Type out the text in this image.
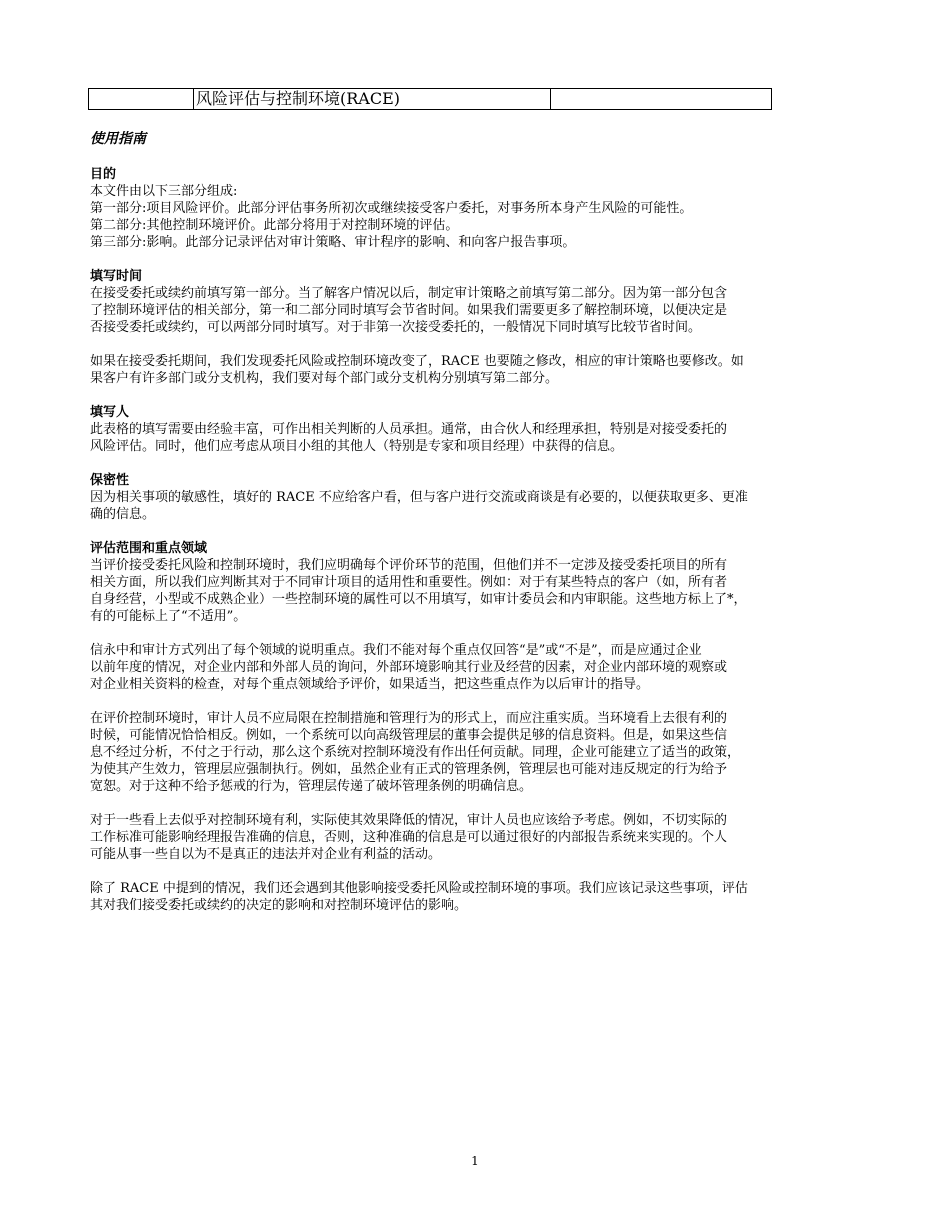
	风险评估与控制环境(RACE)	
使用指南
目的

本文件由以下三部分组成:

第一部分:项目风险评价。此部分评估事务所初次或继续接受客户委托，对事务所本身产生风险的可能性。

第二部分:其他控制环境评价。此部分将用于对控制环境的评估。

第三部分:影响。此部分记录评估对审计策略、审计程序的影响、和向客户报告事项。

填写时间

在接受委托或续约前填写第一部分。当了解客户情况以后，制定审计策略之前填写第二部分。因为第一部分包含

了控制环境评估的相关部分，第一和二部分同时填写会节省时间。如果我们需要更多了解控制环境，以便决定是

否接受委托或续约，可以两部分同时填写。对于非第一次接受委托的，一般情况下同时填写比较节省时间。

如果在接受委托期间，我们发现委托风险或控制环境改变了，RACE 也要随之修改，相应的审计策略也要修改。如

果客户有许多部门或分支机构，我们要对每个部门或分支机构分别填写第二部分。

填写人

此表格的填写需要由经验丰富，可作出相关判断的人员承担。通常，由合伙人和经理承担，特别是对接受委托的

风险评估。同时，他们应考虑从项目小组的其他人（特别是专家和项目经理）中获得的信息。

保密性

因为相关事项的敏感性，填好的 RACE 不应给客户看，但与客户进行交流或商谈是有必要的，以便获取更多、更准

确的信息。

评估范围和重点领域

当评价接受委托风险和控制环境时，我们应明确每个评价环节的范围，但他们并不一定涉及接受委托项目的所有

相关方面，所以我们应判断其对于不同审计项目的适用性和重要性。例如：对于有某些特点的客户（如，所有者

自身经营，小型或不成熟企业）一些控制环境的属性可以不用填写，如审计委员会和内审职能。这些地方标上了*，

有的可能标上了“不适用”。

信永中和审计方式列出了每个领域的说明重点。我们不能对每个重点仅回答“是”或“不是”，而是应通过企业

以前年度的情况，对企业内部和外部人员的询问，外部环境影响其行业及经营的因素，对企业内部环境的观察或

对企业相关资料的检查，对每个重点领域给予评价，如果适当，把这些重点作为以后审计的指导。

在评价控制环境时，审计人员不应局限在控制措施和管理行为的形式上，而应注重实质。当环境看上去很有利的

时候，可能情况恰恰相反。例如，一个系统可以向高级管理层的董事会提供足够的信息资料。但是，如果这些信

息不经过分析，不付之于行动，那么这个系统对控制环境没有作出任何贡献。同理，企业可能建立了适当的政策，

为使其产生效力，管理层应强制执行。例如，虽然企业有正式的管理条例，管理层也可能对违反规定的行为给予

宽恕。对于这种不给予惩戒的行为，管理层传递了破坏管理条例的明确信息。

对于一些看上去似乎对控制环境有利，实际使其效果降低的情况，审计人员也应该给予考虑。例如，不切实际的

工作标准可能影响经理报告准确的信息，否则，这种准确的信息是可以通过很好的内部报告系统来实现的。个人

可能从事一些自以为不是真正的违法并对企业有利益的活动。

除了 RACE 中提到的情况，我们还会遇到其他影响接受委托风险或控制环境的事项。我们应该记录这些事项，评估

其对我们接受委托或续约的决定的影响和对控制环境评估的影响。

1
